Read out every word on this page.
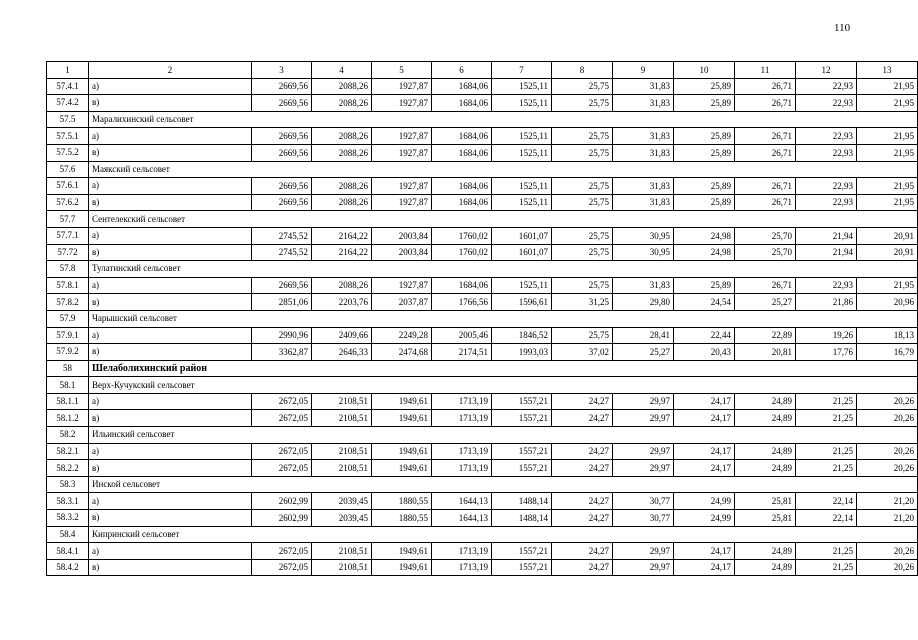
110
1	2	3	4	5	6	7	8	9	10	11	12	13
57.4.1	а)	2669,56	2088,26	1927,87	1684,06	1525,11	25,75	31,83	25,89	26,71	22,93	21,95
57.4.2	в)	2669,56	2088,26	1927,87	1684,06	1525,11	25,75	31,83	25,89	26,71	22,93	21,95
57.5	Маралихинский сельсовет											
57.5.1	а)	2669,56	2088,26	1927,87	1684,06	1525,11	25,75	31,83	25,89	26,71	22,93	21,95
57.5.2	в)	2669,56	2088,26	1927,87	1684,06	1525,11	25,75	31,83	25,89	26,71	22,93	21,95
57.6	Маякский сельсовет											
57.6.1	а)	2669,56	2088,26	1927,87	1684,06	1525,11	25,75	31,83	25,89	26,71	22,93	21,95
57.6.2	в)	2669,56	2088,26	1927,87	1684,06	1525,11	25,75	31,83	25,89	26,71	22,93	21,95
57.7	Сентелекский сельсовет											
57.7.1	а)	2745,52	2164,22	2003,84	1760,02	1601,07	25,75	30,95	24,98	25,70	21,94	20,91
57.72	в)	2745,52	2164,22	2003,84	1760,02	1601,07	25,75	30,95	24,98	25,70	21,94	20,91
57.8	Тулатинский сельсовет											
57.8.1	а)	2669,56	2088,26	1927,87	1684,06	1525,11	25,75	31,83	25,89	26,71	22,93	21,95
57.8.2	в)	2851,06	2203,76	2037,87	1766,56	1596,61	31,25	29,80	24,54	25,27	21,86	20,96
57.9	Чарышский сельсовет											
57.9.1	а)	2990,96	2409,66	2249,28	2005,46	1846,52	25,75	28,41	22,44	22,89	19,26	18,13
57.9.2	в)	3362,87	2646,33	2474,68	2174,51	1993,03	37,02	25,27	20,43	20,81	17,76	16,79
58	Шелаболихинский район											
58.1	Верх-Кучукский сельсовет											
58.1.1	а)	2672,05	2108,51	1949,61	1713,19	1557,21	24,27	29,97	24,17	24,89	21,25	20,26
58.1.2	в)	2672,05	2108,51	1949,61	1713,19	1557,21	24,27	29,97	24,17	24,89	21,25	20,26
58.2	Ильинский сельсовет											
58.2.1	а)	2672,05	2108,51	1949,61	1713,19	1557,21	24,27	29,97	24,17	24,89	21,25	20,26
58.2.2	в)	2672,05	2108,51	1949,61	1713,19	1557,21	24,27	29,97	24,17	24,89	21,25	20,26
58.3	Инской сельсовет											
58.3.1	а)	2602,99	2039,45	1880,55	1644,13	1488,14	24,27	30,77	24,99	25,81	22,14	21,20
58.3.2	в)	2602,99	2039,45	1880,55	1644,13	1488,14	24,27	30,77	24,99	25,81	22,14	21,20
58.4	Кипринский сельсовет											
58.4.1	а)	2672,05	2108,51	1949,61	1713,19	1557,21	24,27	29,97	24,17	24,89	21,25	20,26
58.4.2	в)	2672,05	2108,51	1949,61	1713,19	1557,21	24,27	29,97	24,17	24,89	21,25	20,26
